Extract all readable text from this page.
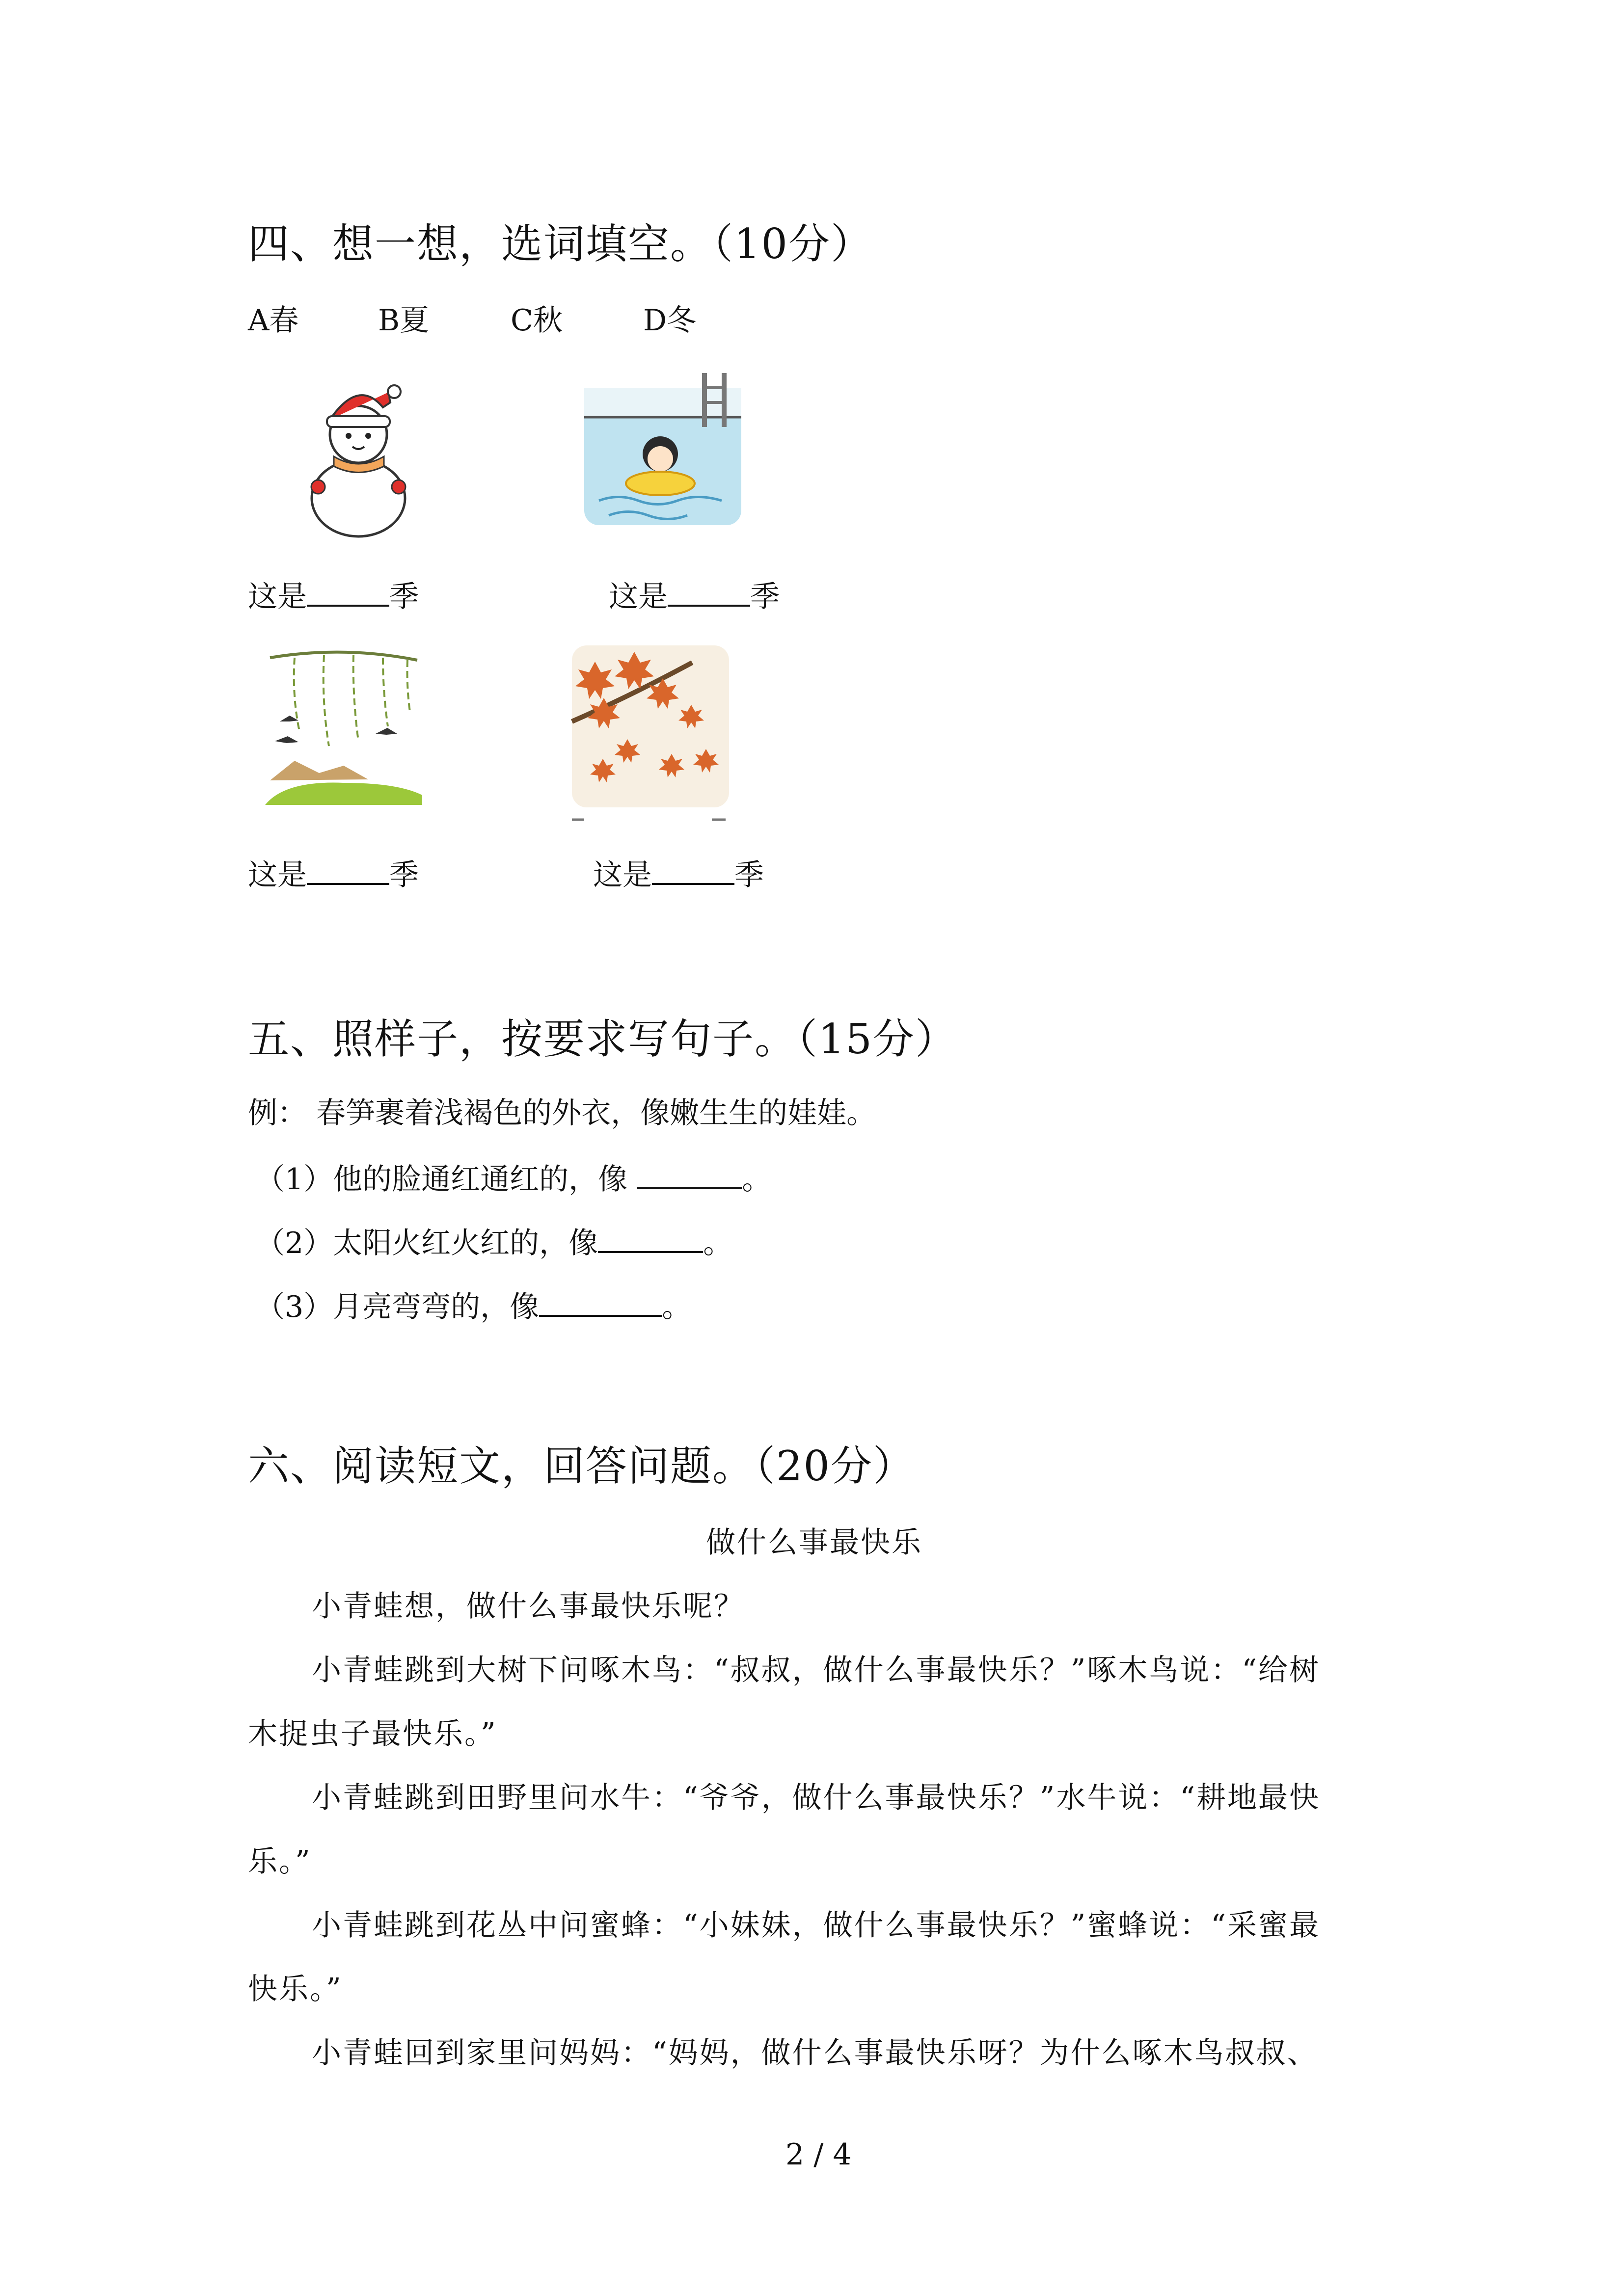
四、想一想，选词填空。（10分）
A春	B夏	C秋	D冬
这是	季	这是	季
这是	季	这是	季
五、照样子，按要求写句子。（15分）
例： 春笋裹着浅褐色的外衣，像嫩生生的娃娃。
（1）他的脸通红通红的，像	。
（2）太阳火红火红的，像	。
（3）月亮弯弯的，像	。
六、阅读短文，回答问题。（20分）
做什么事最快乐
小青蛙想，做什么事最快乐呢？
小青蛙跳到大树下问啄木鸟：“叔叔，做什么事最快乐？”啄木鸟说：“给树
木捉虫子最快乐。”
小青蛙跳到田野里问水牛：“爷爷，做什么事最快乐？”水牛说：“耕地最快
乐。”
小青蛙跳到花丛中问蜜蜂：“小妹妹，做什么事最快乐？”蜜蜂说：“采蜜最
快乐。”
小青蛙回到家里问妈妈：“妈妈，做什么事最快乐呀？为什么啄木鸟叔叔、
2 / 4
